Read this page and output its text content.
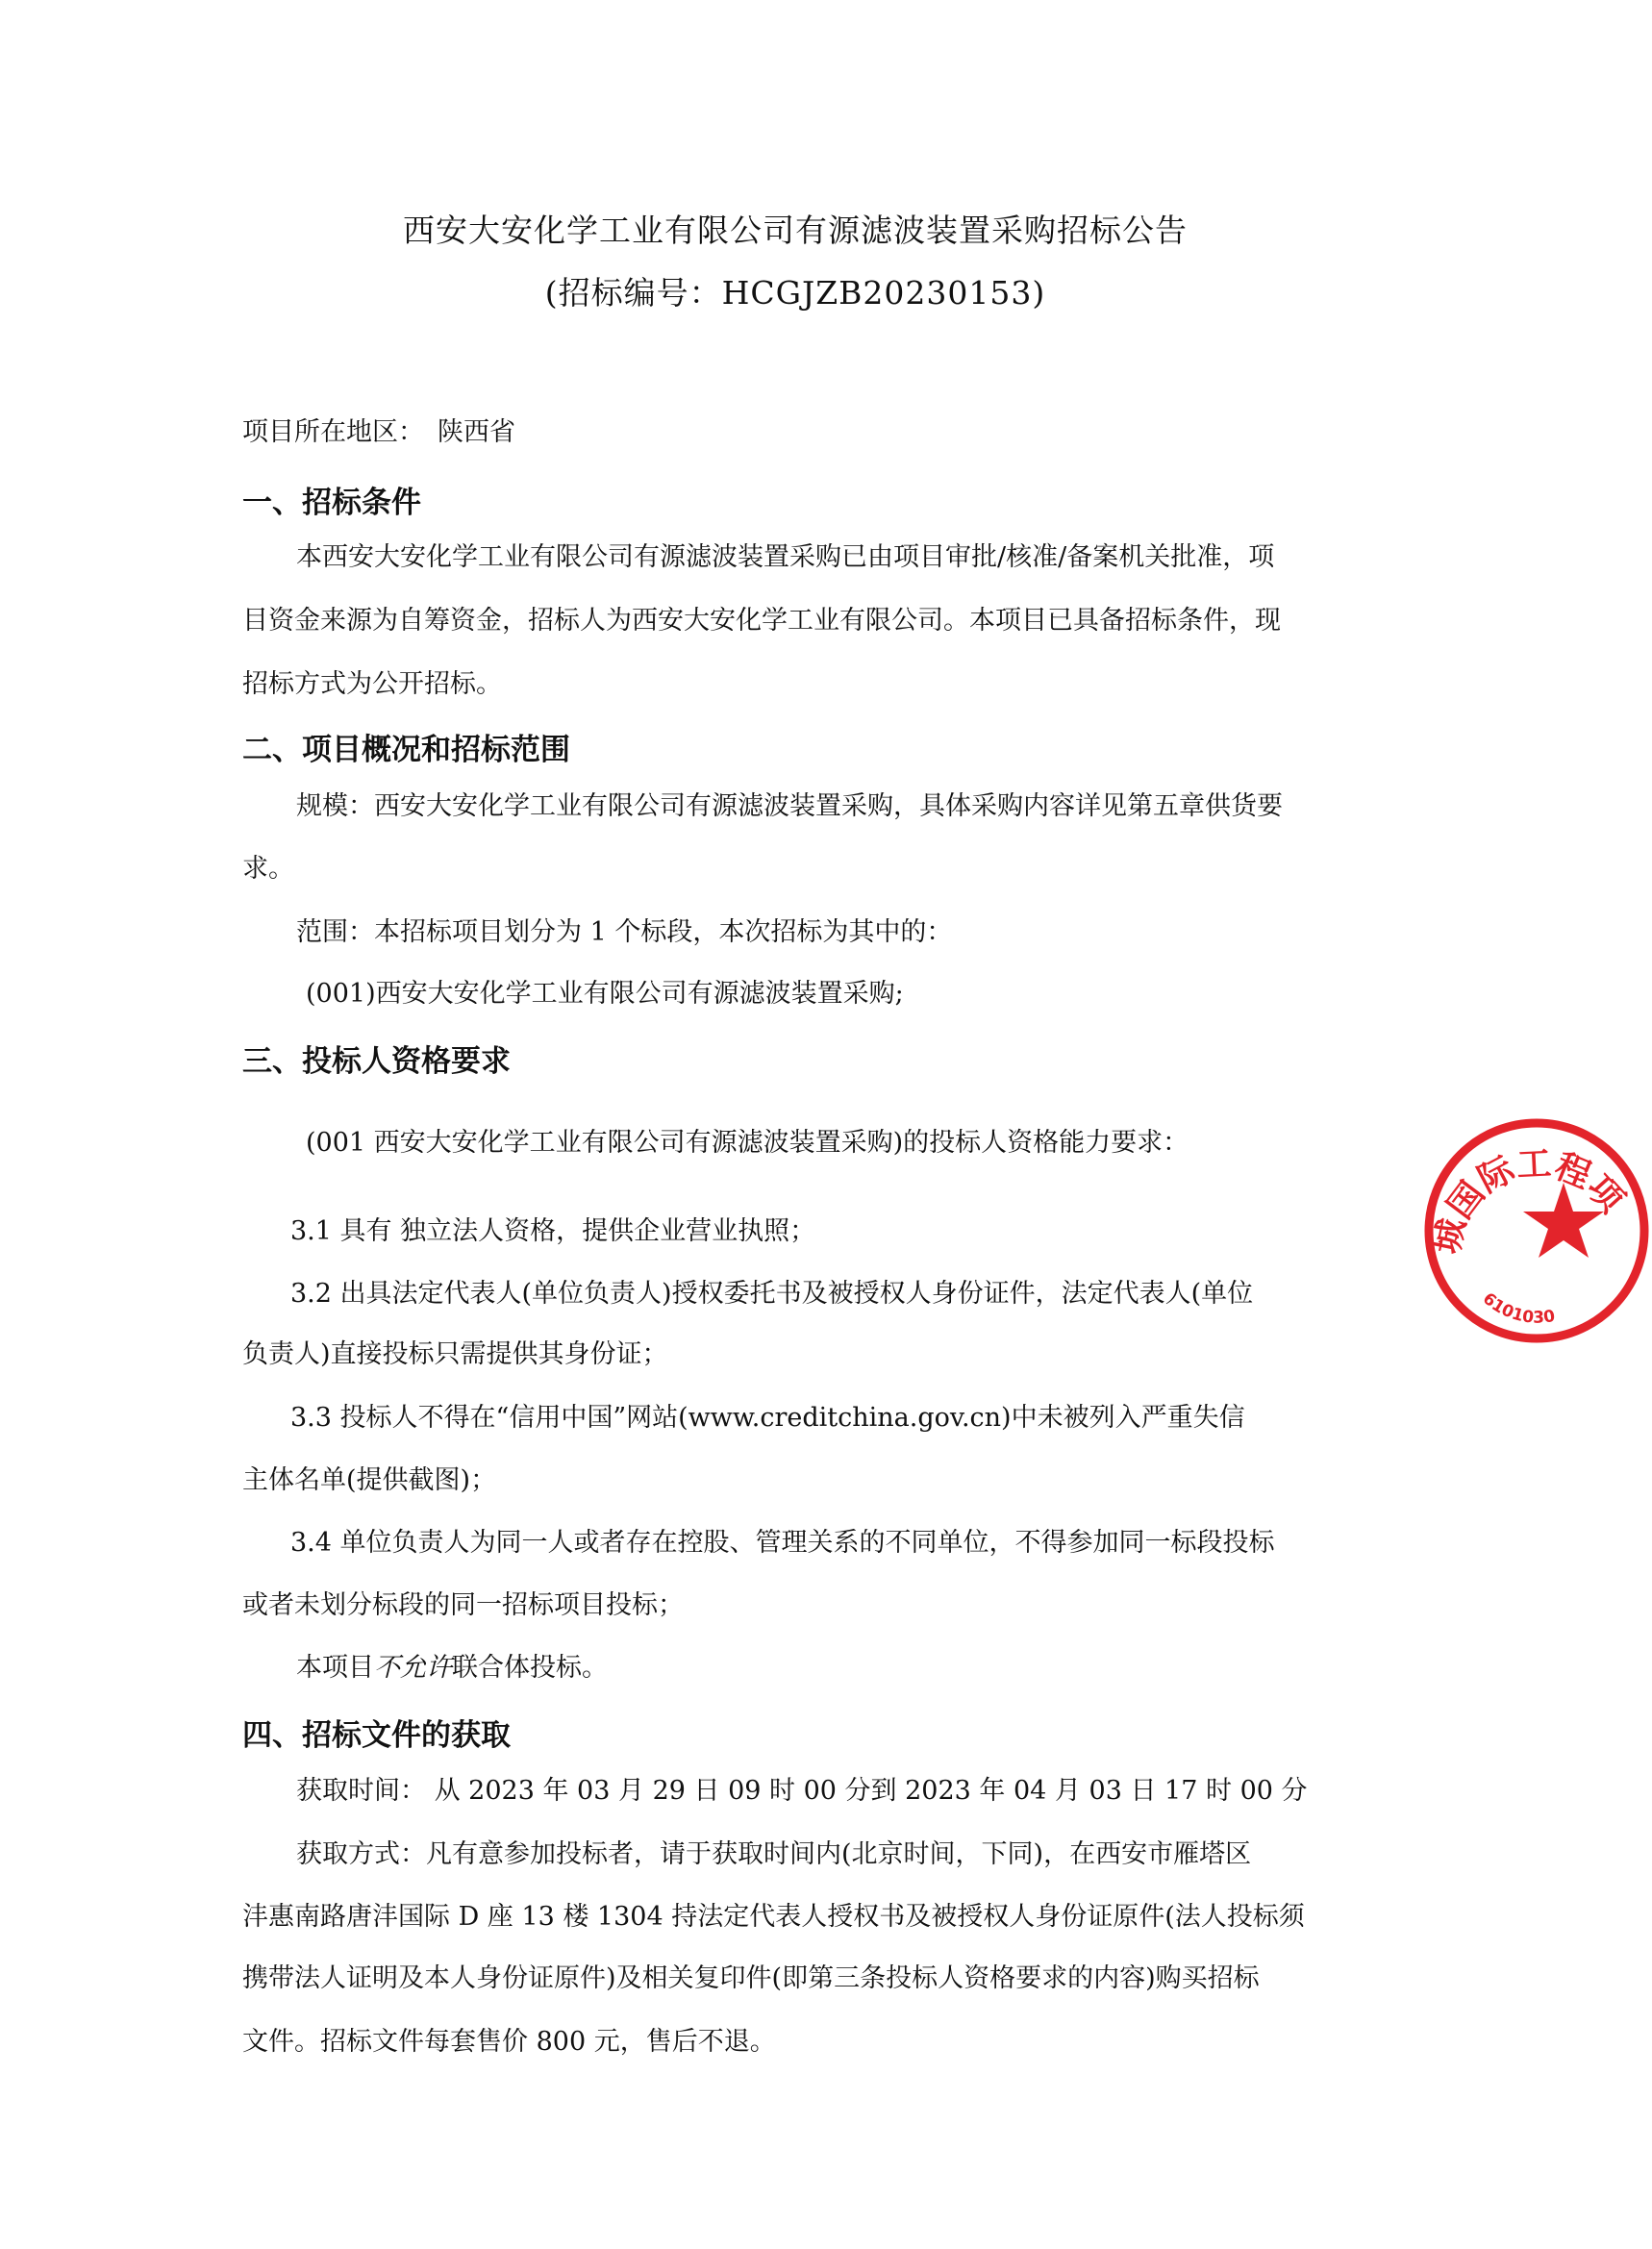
西安大安化学工业有限公司有源滤波装置采购招标公告
(招标编号：HCGJZB20230153)
项目所在地区： 陕西省
一、招标条件
本西安大安化学工业有限公司有源滤波装置采购已由项目审批/核准/备案机关批准，项
目资金来源为自筹资金，招标人为西安大安化学工业有限公司。本项目已具备招标条件，现
招标方式为公开招标。
二、项目概况和招标范围
规模：西安大安化学工业有限公司有源滤波装置采购，具体采购内容详见第五章供货要
求。
范围：本招标项目划分为 1 个标段，本次招标为其中的：
(001)西安大安化学工业有限公司有源滤波装置采购;
三、投标人资格要求
(001 西安大安化学工业有限公司有源滤波装置采购)的投标人资格能力要求：
3.1 具有 独立法人资格，提供企业营业执照；
3.2 出具法定代表人(单位负责人)授权委托书及被授权人身份证件，法定代表人(单位
负责人)直接投标只需提供其身份证；
3.3 投标人不得在“信用中国”网站(www.creditchina.gov.cn)中未被列入严重失信
主体名单(提供截图)；
3.4 单位负责人为同一人或者存在控股、管理关系的不同单位，不得参加同一标段投标
或者未划分标段的同一招标项目投标；
本项目不允许联合体投标。
四、招标文件的获取
获取时间： 从 2023 年 03 月 29 日 09 时 00 分到 2023 年 04 月 03 日 17 时 00 分
获取方式：凡有意参加投标者，请于获取时间内(北京时间，下同)，在西安市雁塔区
沣惠南路唐沣国际 D 座 13 楼 1304 持法定代表人授权书及被授权人身份证原件(法人投标须
携带法人证明及本人身份证原件)及相关复印件(即第三条投标人资格要求的内容)购买招标
文件。招标文件每套售价 800 元，售后不退。
城国际工程项
6101030
